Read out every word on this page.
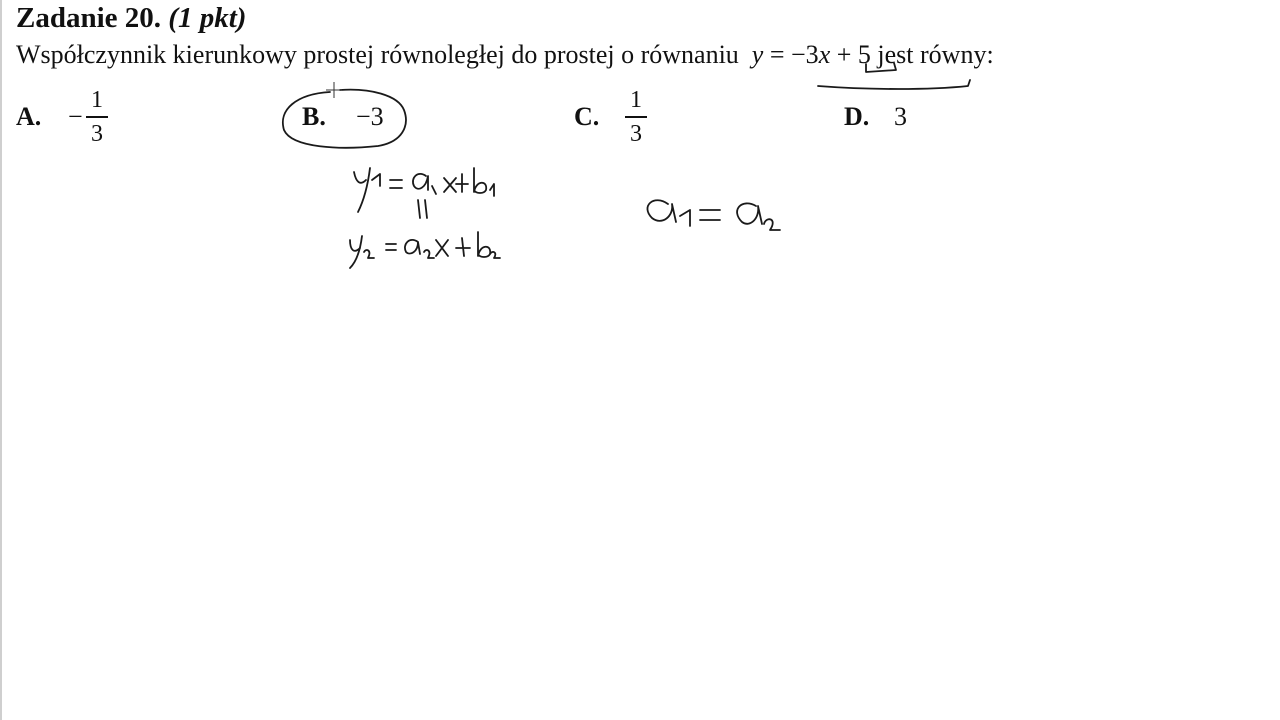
Zadanie 20. (1 pkt)
Współczynnik kierunkowy prostej równoległej do prostej o równaniu y = −3x + 5 jest równy:
A. −
1
3
B. −3	C.
1
3
D. 3
